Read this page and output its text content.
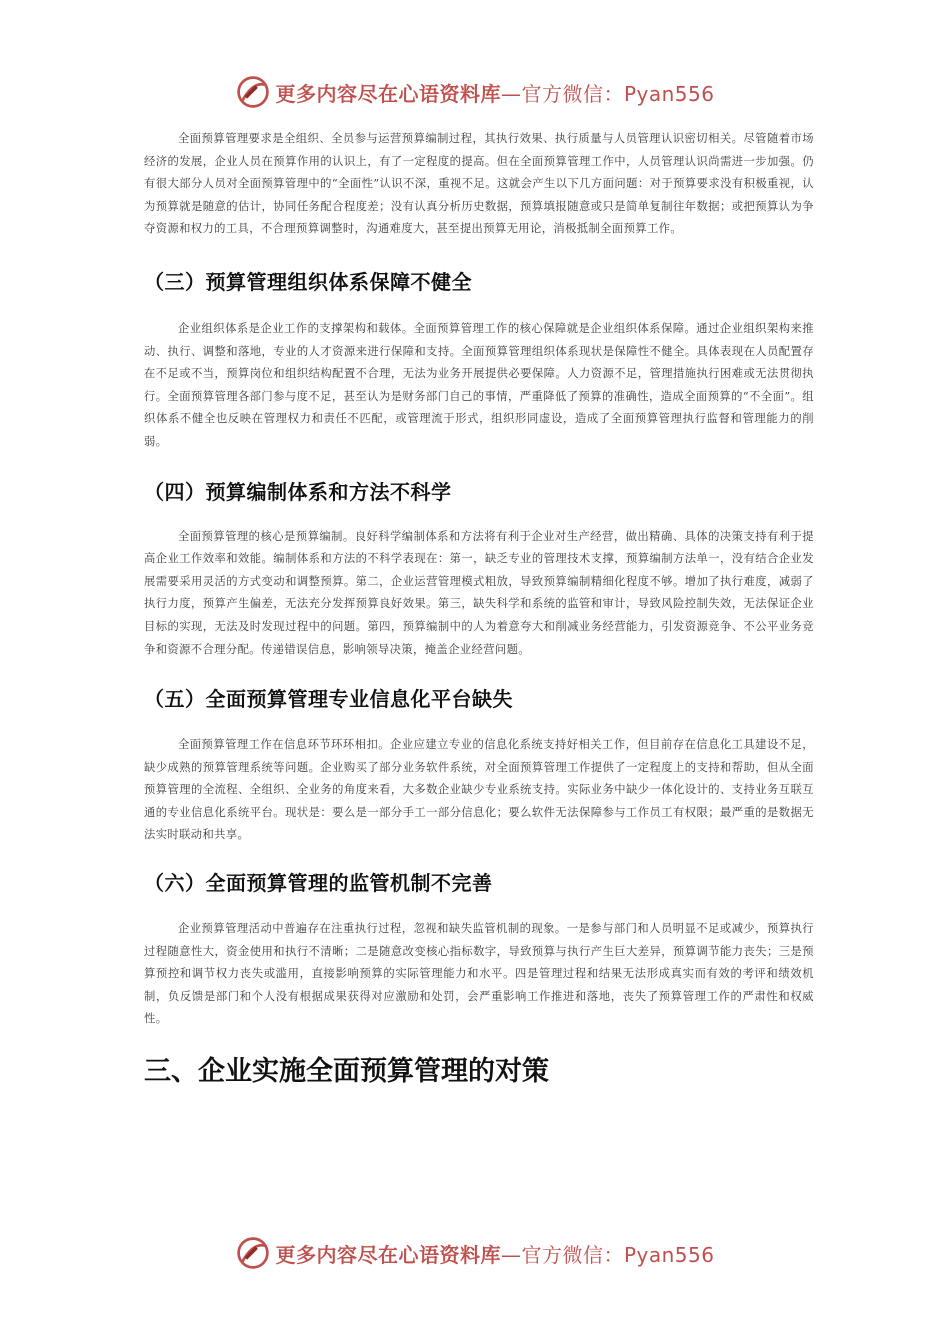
更多内容尽在心语资料库—官方微信：Pyan556

全面预算管理要求是全组织、全员参与运营预算编制过程，其执行效果、执行质量与人员管理认识密切相关。尽管随着市场经济的发展，企业人员在预算作用的认识上，有了一定程度的提高。但在全面预算管理工作中，人员管理认识尚需进一步加强。仍有很大部分人员对全面预算管理中的“全面性”认识不深，重视不足。这就会产生以下几方面问题：对于预算要求没有积极重视，认为预算就是随意的估计，协同任务配合程度差；没有认真分析历史数据，预算填报随意或只是简单复制往年数据；或把预算认为争夺资源和权力的工具，不合理预算调整时，沟通难度大，甚至提出预算无用论，消极抵制全面预算工作。

（三）预算管理组织体系保障不健全

企业组织体系是企业工作的支撑架构和载体。全面预算管理工作的核心保障就是企业组织体系保障。通过企业组织架构来推动、执行、调整和落地，专业的人才资源来进行保障和支持。全面预算管理组织体系现状是保障性不健全。具体表现在人员配置存在不足或不当，预算岗位和组织结构配置不合理，无法为业务开展提供必要保障。人力资源不足，管理措施执行困难或无法贯彻执行。全面预算管理各部门参与度不足，甚至认为是财务部门自己的事情，严重降低了预算的准确性，造成全面预算的“不全面”。组织体系不健全也反映在管理权力和责任不匹配，或管理流于形式，组织形同虚设，造成了全面预算管理执行监督和管理能力的削弱。

（四）预算编制体系和方法不科学

全面预算管理的核心是预算编制。良好科学编制体系和方法将有利于企业对生产经营，做出精确、具体的决策支持有利于提高企业工作效率和效能。编制体系和方法的不科学表现在：第一，缺乏专业的管理技术支撑，预算编制方法单一，没有结合企业发展需要采用灵活的方式变动和调整预算。第二，企业运营管理模式粗放，导致预算编制精细化程度不够。增加了执行难度，减弱了执行力度，预算产生偏差，无法充分发挥预算良好效果。第三，缺失科学和系统的监管和审计，导致风险控制失效，无法保证企业目标的实现，无法及时发现过程中的问题。第四，预算编制中的人为着意夸大和削减业务经营能力，引发资源竞争、不公平业务竞争和资源不合理分配。传递错误信息，影响领导决策，掩盖企业经营问题。

（五）全面预算管理专业信息化平台缺失

全面预算管理工作在信息环节环环相扣。企业应建立专业的信息化系统支持好相关工作，但目前存在信息化工具建设不足，缺少成熟的预算管理系统等问题。企业购买了部分业务软件系统，对全面预算管理工作提供了一定程度上的支持和帮助，但从全面预算管理的全流程、全组织、全业务的角度来看，大多数企业缺少专业系统支持。实际业务中缺少一体化设计的、支持业务互联互通的专业信息化系统平台。现状是：要么是一部分手工一部分信息化；要么软件无法保障参与工作员工有权限；最严重的是数据无法实时联动和共享。

（六）全面预算管理的监管机制不完善

企业预算管理活动中普遍存在注重执行过程，忽视和缺失监管机制的现象。一是参与部门和人员明显不足或减少，预算执行过程随意性大，资金使用和执行不清晰；二是随意改变核心指标数字，导致预算与执行产生巨大差异，预算调节能力丧失；三是预算预控和调节权力丧失或滥用，直接影响预算的实际管理能力和水平。四是管理过程和结果无法形成真实而有效的考评和绩效机制，负反馈是部门和个人没有根据成果获得对应激励和处罚，会严重影响工作推进和落地，丧失了预算管理工作的严肃性和权威性。

三、企业实施全面预算管理的对策
更多内容尽在心语资料库—官方微信：Pyan556
